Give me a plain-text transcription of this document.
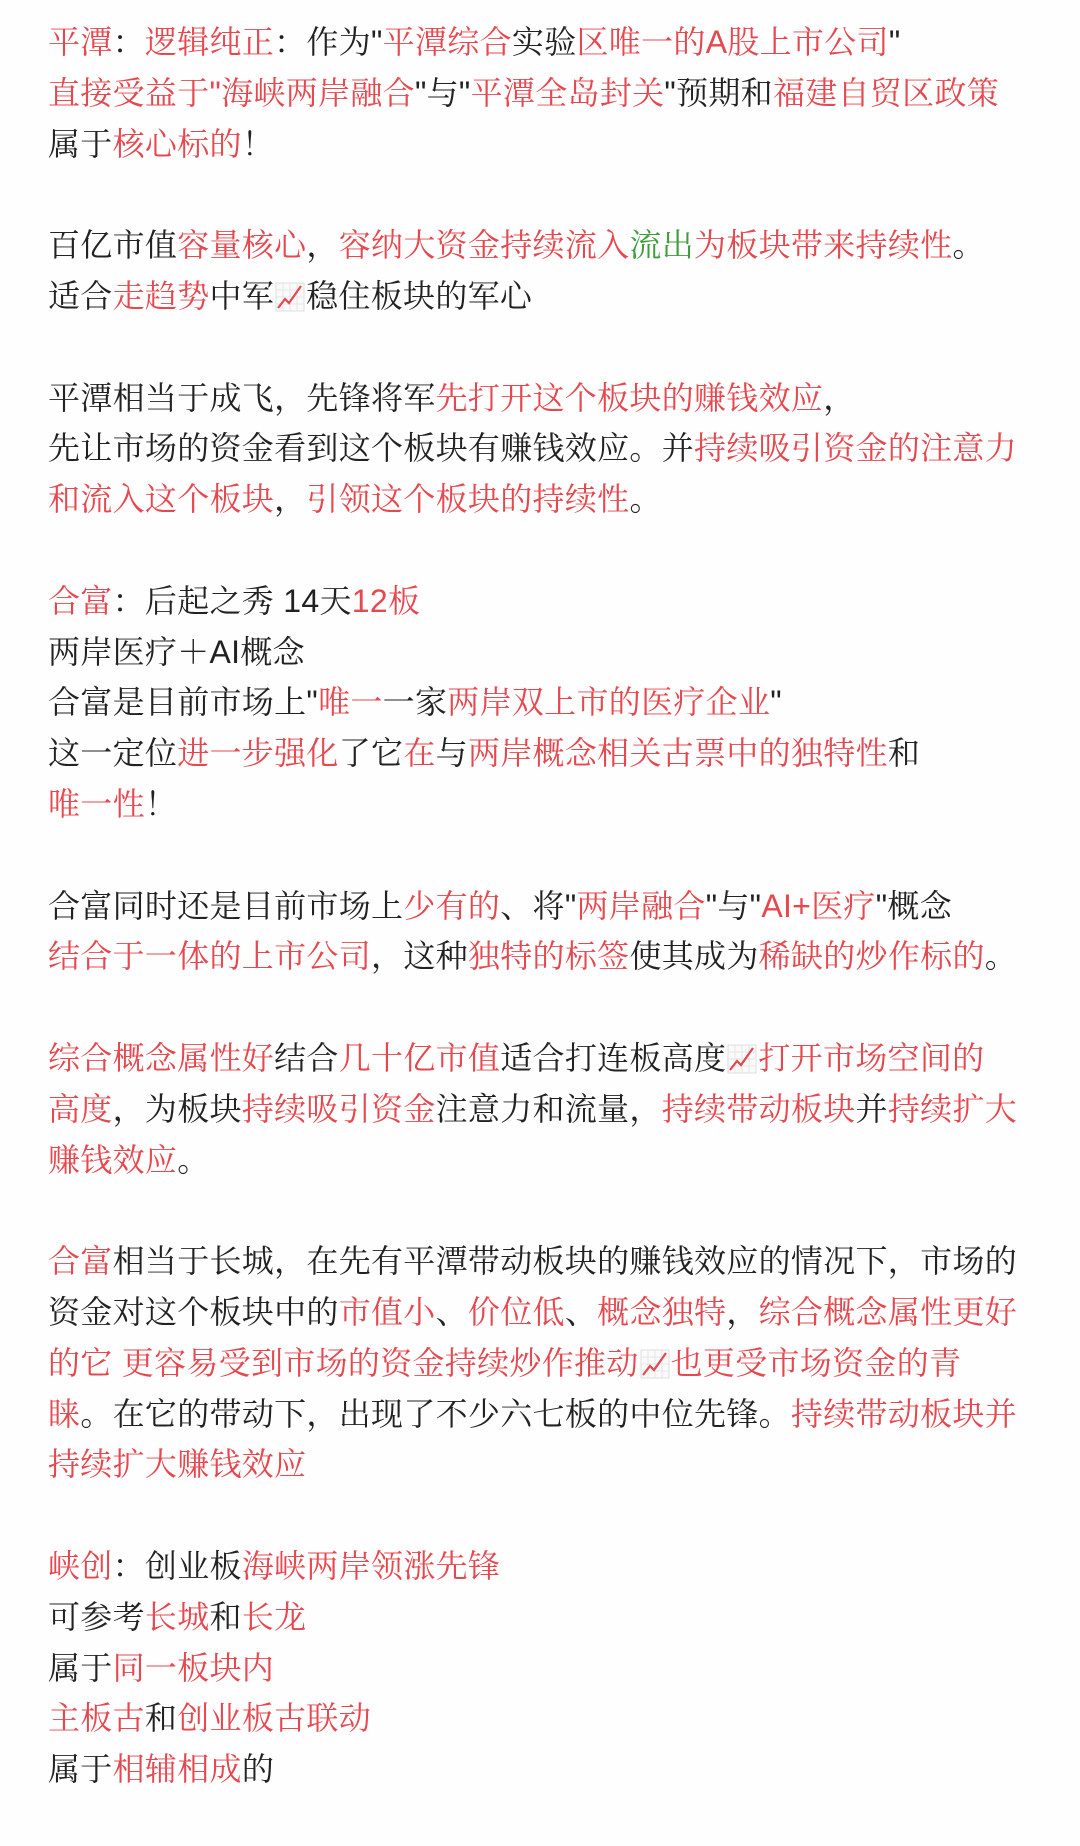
平潭：逻辑纯正：作为"平潭综合实验区唯一的A股上市公司"
直接受益于"海峡两岸融合"与"平潭全岛封关"预期和福建自贸区政策
属于核心标的！
百亿市值容量核心，容纳大资金持续流入流出为板块带来持续性。
适合走趋势中军 稳住板块的军心
平潭相当于成飞，先锋将军先打开这个板块的赚钱效应，
先让市场的资金看到这个板块有赚钱效应。并持续吸引资金的注意力
和流入这个板块，引领这个板块的持续性。
合富：后起之秀 14天12板
两岸医疗＋AI概念
合富是目前市场上"唯一一家两岸双上市的医疗企业"
这一定位进一步强化了它在与两岸概念相关古票中的独特性和
唯一性！
合富同时还是目前市场上少有的、将"两岸融合"与"AI+医疗"概念
结合于一体的上市公司，这种独特的标签使其成为稀缺的炒作标的。
综合概念属性好结合几十亿市值适合打连板高度 打开市场空间的
高度，为板块持续吸引资金注意力和流量，持续带动板块并持续扩大
赚钱效应。
合富相当于长城，在先有平潭带动板块的赚钱效应的情况下，市场的
资金对这个板块中的市值小、价位低、概念独特，综合概念属性更好
的它 更容易受到市场的资金持续炒作推动 也更受市场资金的青
睐。在它的带动下，出现了不少六七板的中位先锋。持续带动板块并
持续扩大赚钱效应
峡创：创业板海峡两岸领涨先锋
可参考长城和长龙
属于同一板块内
主板古和创业板古联动
属于相辅相成的
